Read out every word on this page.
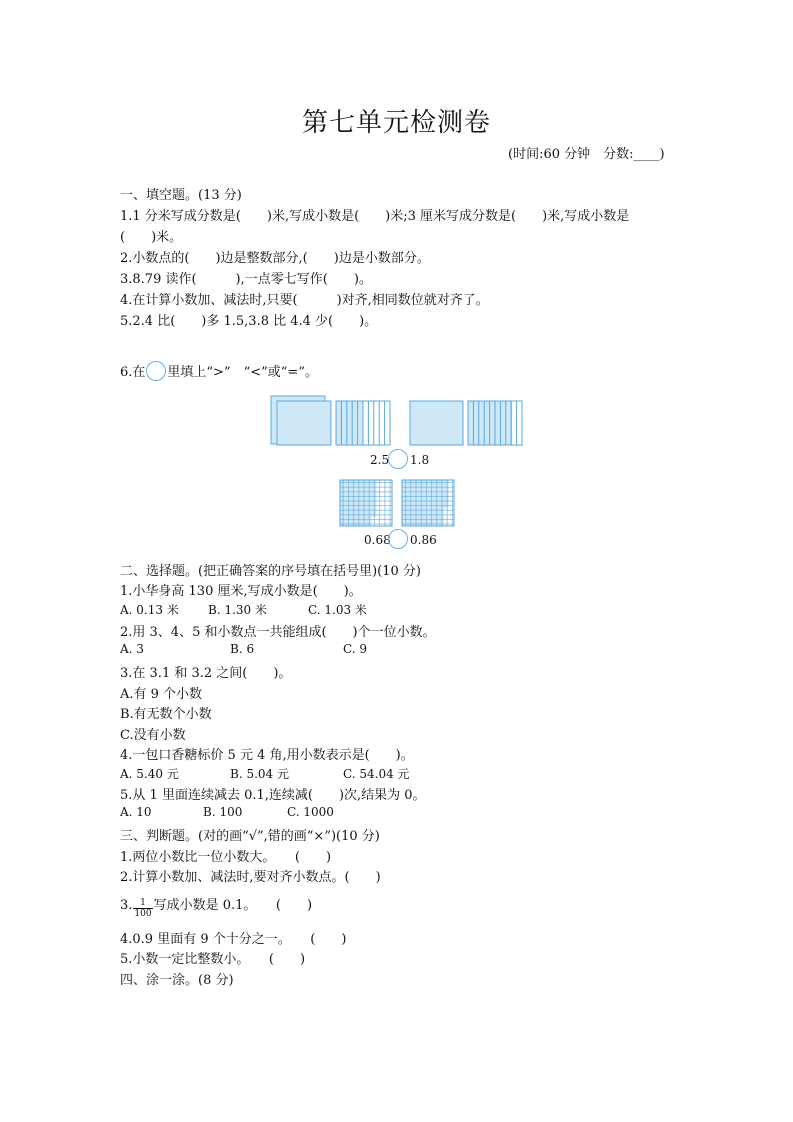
第七单元检测卷
(时间:60 分钟　分数:____)
一、填空题。(13 分)
1.1 分米写成分数是(　　)米,写成小数是(　　)米;3 厘米写成分数是(　　)米,写成小数是
(　　)米。
2.小数点的(　　)边是整数部分,(　　)边是小数部分。
3.8.79 读作(　　　),一点零七写作(　　)。
4.在计算小数加、减法时,只要(　　　)对齐,相同数位就对齐了。
5.2.4 比(　　)多 1.5,3.8 比 4.4 少(　　)。
6.在 里填上“>”　“<”或“=”。
2.5 1.8
0.68 0.86
二、选择题。(把正确答案的序号填在括号里)(10 分)
1.小华身高 130 厘米,写成小数是(　　)。
A. 0.13 米 B. 1.30 米	C. 1.03 米
2.用 3、4、5 和小数点一共能组成(　　)个一位小数。
A. 3	B. 6	C. 9
3.在 3.1 和 3.2 之间(　　)。
A.有 9 个小数
B.有无数个小数
C.没有小数
4.一包口香糖标价 5 元 4 角,用小数表示是(　　)。
A. 5.40 元	B. 5.04 元	C. 54.04 元
5.从 1 里面连续减去 0.1,连续减(　　)次,结果为 0。
A. 10	B. 100	C. 1000
三、判断题。(对的画“√”,错的画“×”)(10 分)
1.两位小数比一位小数大。　　(　　)
2.计算小数加、减法时,要对齐小数点。(　　)
3. $\frac{1}{100}$ 写成小数是 0.1。　　(　　)
4.0.9 里面有 9 个十分之一。　　(　　)
5.小数一定比整数小。　　(　　)
四、涂一涂。(8 分)
